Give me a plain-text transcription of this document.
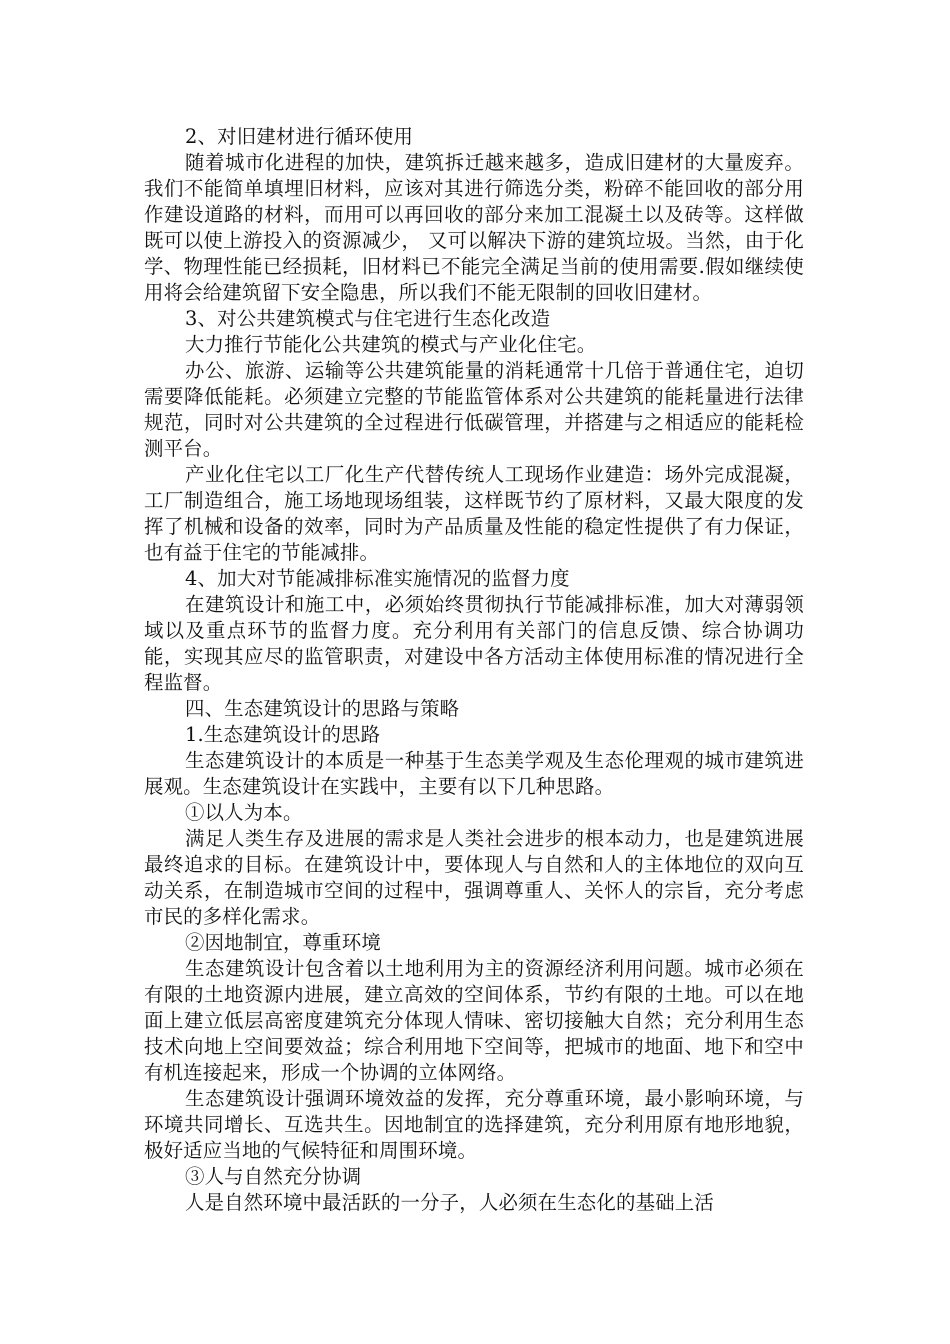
2、对旧建材进行循环使用

随着城市化进程的加快，建筑拆迁越来越多，造成旧建材的大量废弃。我们不能简单填埋旧材料，应该对其进行筛选分类，粉碎不能回收的部分用作建设道路的材料，而用可以再回收的部分来加工混凝土以及砖等。这样做既可以使上游投入的资源减少， 又可以解决下游的建筑垃圾。当然，由于化学、物理性能已经损耗，旧材料已不能完全满足当前的使用需要.假如继续使用将会给建筑留下安全隐患，所以我们不能无限制的回收旧建材。

3、对公共建筑模式与住宅进行生态化改造

大力推行节能化公共建筑的模式与产业化住宅。

办公、旅游、运输等公共建筑能量的消耗通常十几倍于普通住宅，迫切需要降低能耗。必须建立完整的节能监管体系对公共建筑的能耗量进行法律规范，同时对公共建筑的全过程进行低碳管理，并搭建与之相适应的能耗检测平台。

产业化住宅以工厂化生产代替传统人工现场作业建造：场外完成混凝，工厂制造组合，施工场地现场组装，这样既节约了原材料，又最大限度的发挥了机械和设备的效率，同时为产品质量及性能的稳定性提供了有力保证，也有益于住宅的节能减排。

4、加大对节能减排标准实施情况的监督力度

在建筑设计和施工中，必须始终贯彻执行节能减排标准，加大对薄弱领域以及重点环节的监督力度。充分利用有关部门的信息反馈、综合协调功能，实现其应尽的监管职责，对建设中各方活动主体使用标准的情况进行全程监督。

四、生态建筑设计的思路与策略

1.生态建筑设计的思路

生态建筑设计的本质是一种基于生态美学观及生态伦理观的城市建筑进展观。生态建筑设计在实践中，主要有以下几种思路。

①以人为本。

满足人类生存及进展的需求是人类社会进步的根本动力，也是建筑进展最终追求的目标。在建筑设计中，要体现人与自然和人的主体地位的双向互动关系，在制造城市空间的过程中，强调尊重人、关怀人的宗旨，充分考虑市民的多样化需求。

②因地制宜，尊重环境

生态建筑设计包含着以土地利用为主的资源经济利用问题。城市必须在有限的土地资源内进展，建立高效的空间体系，节约有限的土地。可以在地面上建立低层高密度建筑充分体现人情味、密切接触大自然；充分利用生态技术向地上空间要效益；综合利用地下空间等，把城市的地面、地下和空中有机连接起来，形成一个协调的立体网络。

生态建筑设计强调环境效益的发挥，充分尊重环境，最小影响环境，与环境共同增长、互选共生。因地制宜的选择建筑，充分利用原有地形地貌，极好适应当地的气候特征和周围环境。

③人与自然充分协调

人是自然环境中最活跃的一分子，人必须在生态化的基础上活
